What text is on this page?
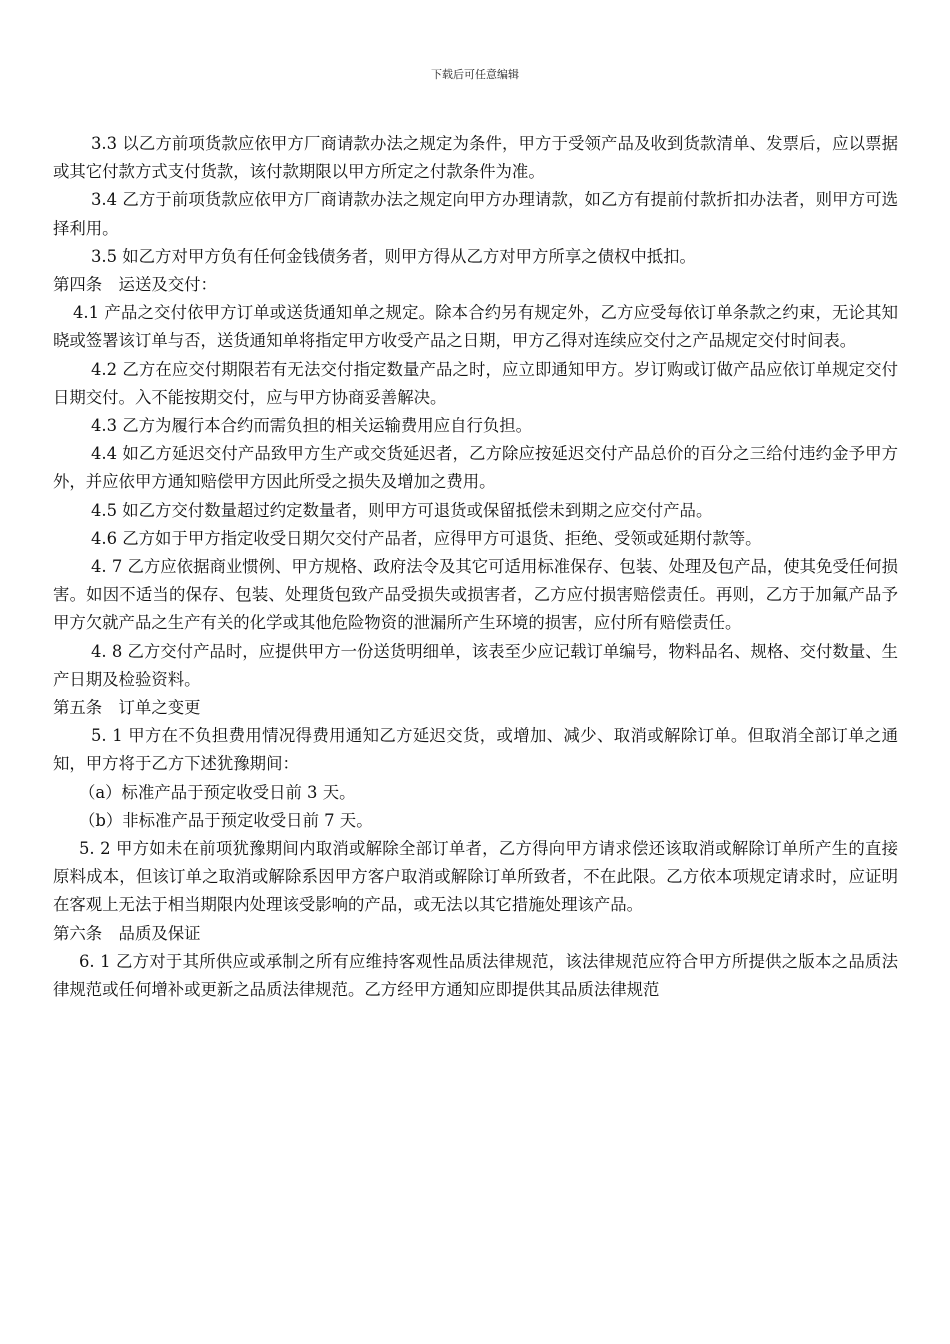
下载后可任意编辑

3.3 以乙方前项货款应依甲方厂商请款办法之规定为条件，甲方于受领产品及收到货款清单、发票后，应以票据或其它付款方式支付货款，该付款期限以甲方所定之付款条件为准。

3.4 乙方于前项货款应依甲方厂商请款办法之规定向甲方办理请款，如乙方有提前付款折扣办法者，则甲方可选择利用。

3.5 如乙方对甲方负有任何金钱债务者，则甲方得从乙方对甲方所享之债权中抵扣。

第四条　运送及交付：

4.1 产品之交付依甲方订单或送货通知单之规定。除本合约另有规定外，乙方应受每依订单条款之约束，无论其知晓或签署该订单与否，送货通知单将指定甲方收受产品之日期，甲方乙得对连续应交付之产品规定交付时间表。

4.2 乙方在应交付期限若有无法交付指定数量产品之时，应立即通知甲方。岁订购或订做产品应依订单规定交付日期交付。入不能按期交付，应与甲方协商妥善解决。

4.3 乙方为履行本合约而需负担的相关运输费用应自行负担。

4.4 如乙方延迟交付产品致甲方生产或交货延迟者，乙方除应按延迟交付产品总价的百分之三给付违约金予甲方外，并应依甲方通知赔偿甲方因此所受之损失及增加之费用。

4.5 如乙方交付数量超过约定数量者，则甲方可退货或保留抵偿未到期之应交付产品。

4.6 乙方如于甲方指定收受日期欠交付产品者，应得甲方可退货、拒绝、受领或延期付款等。

4. 7 乙方应依据商业惯例、甲方规格、政府法令及其它可适用标准保存、包装、处理及包产品，使其免受任何损害。如因不适当的保存、包装、处理货包致产品受损失或损害者，乙方应付损害赔偿责任。再则，乙方于加氟产品予甲方欠就产品之生产有关的化学或其他危险物资的泄漏所产生环境的损害，应付所有赔偿责任。

4. 8 乙方交付产品时，应提供甲方一份送货明细单，该表至少应记载订单编号，物料品名、规格、交付数量、生产日期及检验资料。

第五条　订单之变更

5. 1 甲方在不负担费用情况得费用通知乙方延迟交货，或增加、减少、取消或解除订单。但取消全部订单之通知，甲方将于乙方下述犹豫期间：

（a）标准产品于预定收受日前 3 天。

（b）非标准产品于预定收受日前 7 天。

5. 2 甲方如未在前项犹豫期间内取消或解除全部订单者，乙方得向甲方请求偿还该取消或解除订单所产生的直接原料成本，但该订单之取消或解除系因甲方客户取消或解除订单所致者，不在此限。乙方依本项规定请求时，应证明在客观上无法于相当期限内处理该受影响的产品，或无法以其它措施处理该产品。

第六条　品质及保证

6. 1 乙方对于其所供应或承制之所有应维持客观性品质法律规范，该法律规范应符合甲方所提供之版本之品质法律规范或任何增补或更新之品质法律规范。乙方经甲方通知应即提供其品质法律规范
